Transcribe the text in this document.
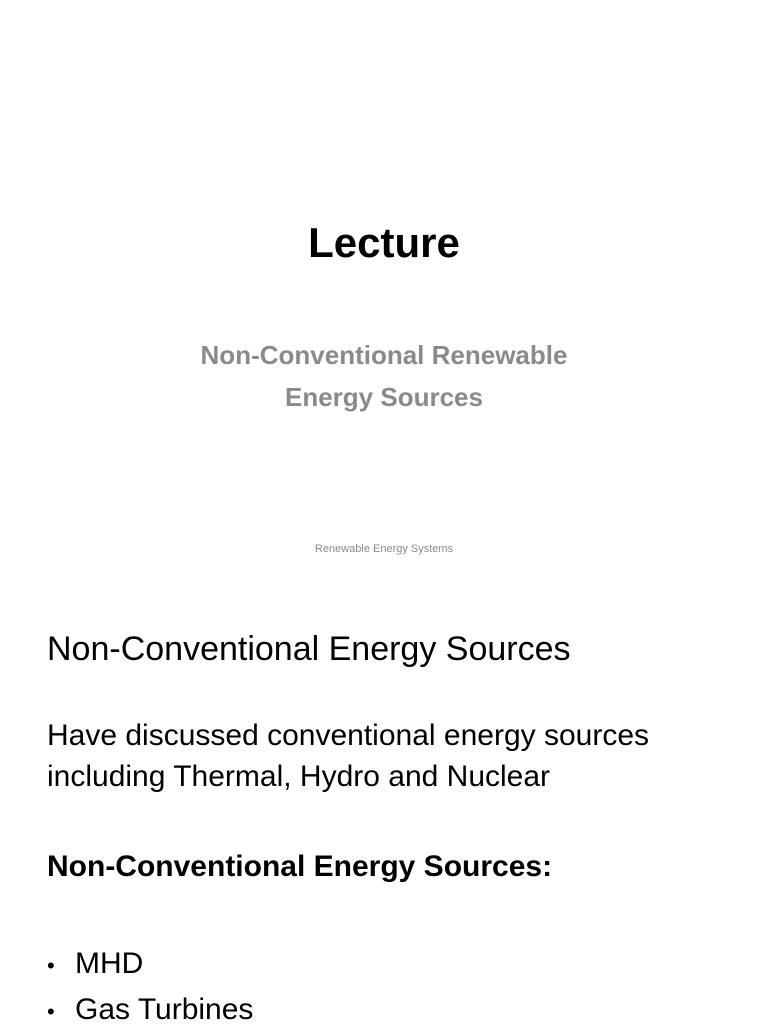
Lecture
Non-Conventional Renewable
Energy Sources
Renewable Energy Systems
Non-Conventional Energy Sources
Have discussed conventional energy sources
including Thermal, Hydro and Nuclear
Non-Conventional Energy Sources:
• MHD
• Gas Turbines
